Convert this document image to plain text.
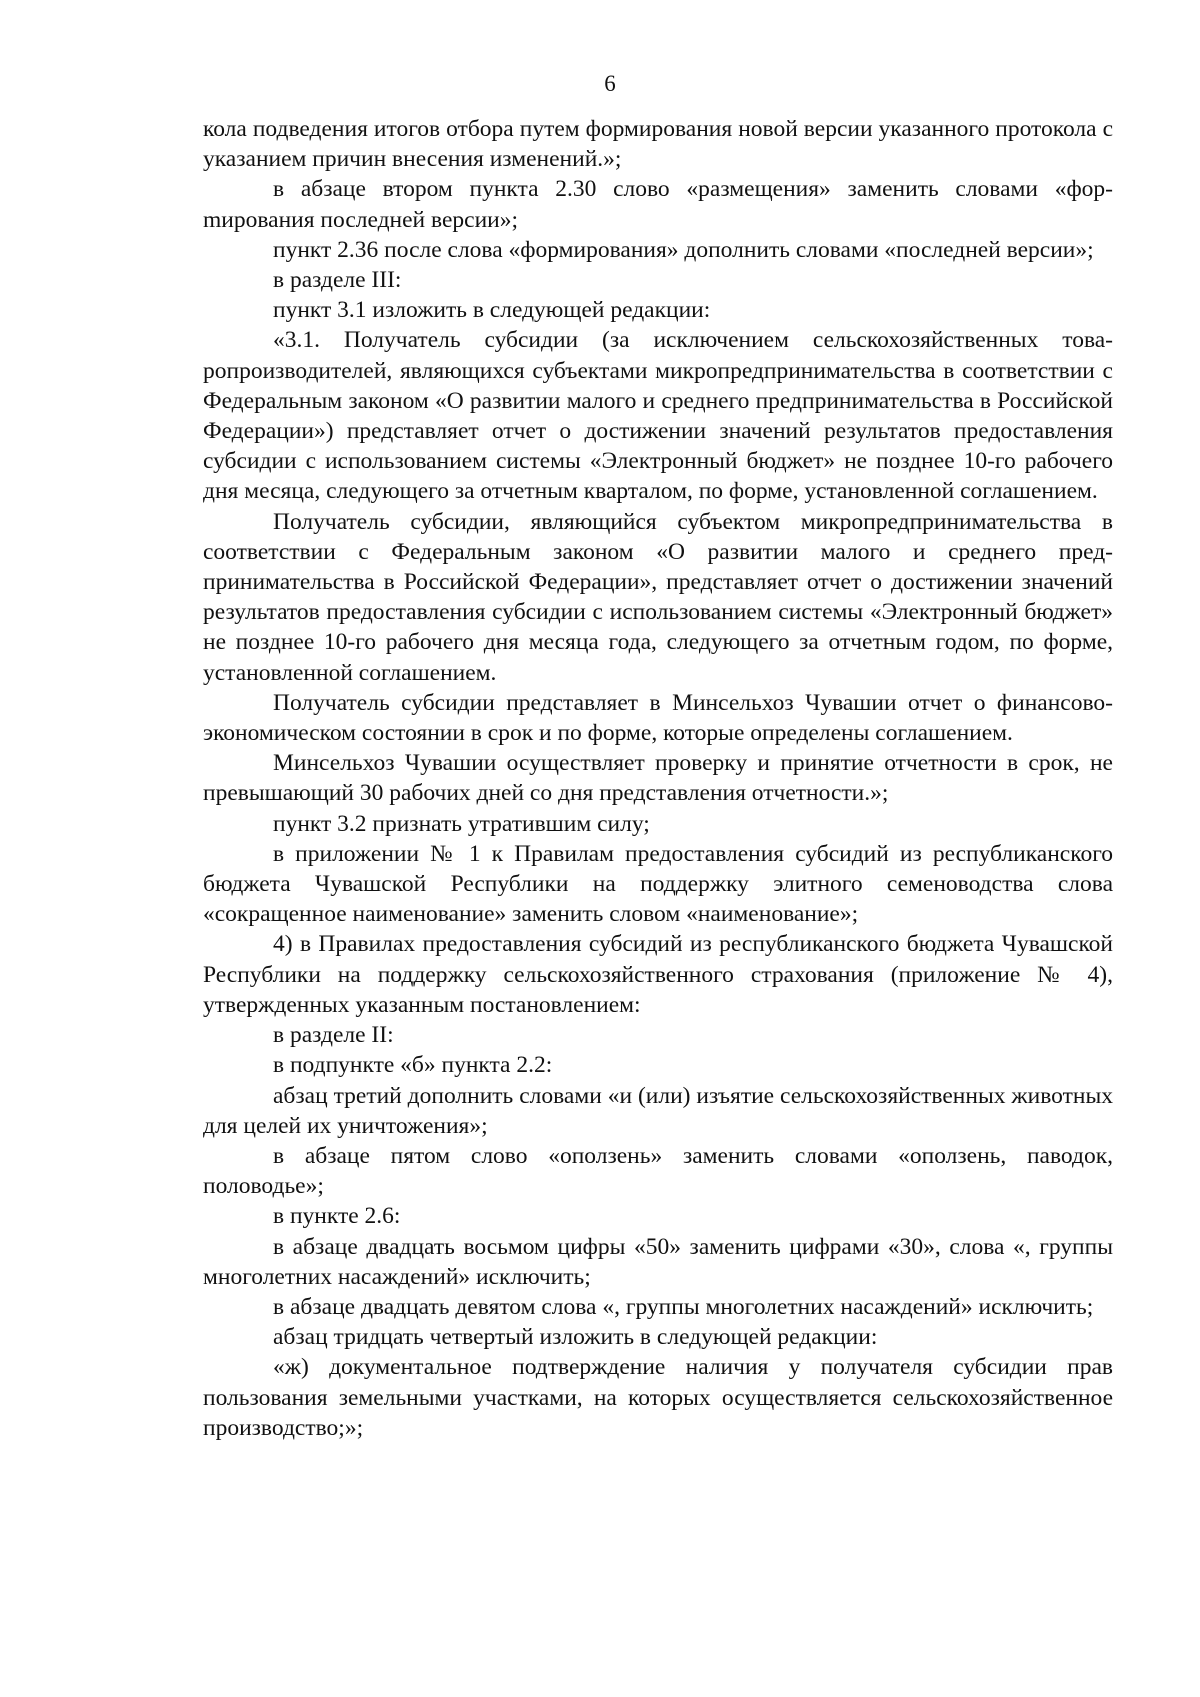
6

кола подведения итогов отбора путем формирования новой версии указанного протокола с указанием причин внесения изменений.»;

в абзаце втором пункта 2.30 слово «размещения» заменить словами «форmирования последней версии»;

пункт 2.36 после слова «формирования» дополнить словами «последней версии»;

в разделе III:

пункт 3.1 изложить в следующей редакции:

«3.1. Получатель субсидии (за исключением сельскохозяйственных товаропроизводителей, являющихся субъектами микропредпринимательства в соответствии с Федеральным законом «О развитии малого и среднего предпринимательства в Российской Федерации») представляет отчет о достижении значений результатов предоставления субсидии с использованием системы «Электронный бюджет» не позднее 10-го рабочего дня месяца, следующего за отчетным кварталом, по форме, установленной соглашением.

Получатель субсидии, являющийся субъектом микропредпринимательства в соответствии с Федеральным законом «О развитии малого и среднего предпринимательства в Российской Федерации», представляет отчет о достижении значений результатов предоставления субсидии с использованием системы «Электронный бюджет» не позднее 10-го рабочего дня месяца года, следующего за отчетным годом, по форме, установленной соглашением.

Получатель субсидии представляет в Минсельхоз Чувашии отчет о финансово-экономическом состоянии в срок и по форме, которые определены соглашением.

Минсельхоз Чувашии осуществляет проверку и принятие отчетности в срок, не превышающий 30 рабочих дней со дня представления отчетности.»;

пункт 3.2 признать утратившим силу;

в приложении № 1 к Правилам предоставления субсидий из республиканского бюджета Чувашской Республики на поддержку элитного семеноводства слова «сокращенное наименование» заменить словом «наименование»;

4) в Правилах предоставления субсидий из республиканского бюджета Чувашской Республики на поддержку сельскохозяйственного страхования (приложение № 4), утвержденных указанным постановлением:

в разделе II:

в подпункте «б» пункта 2.2:

абзац третий дополнить словами «и (или) изъятие сельскохозяйственных животных для целей их уничтожения»;

в абзаце пятом слово «оползень» заменить словами «оползень, паводок, половодье»;

в пункте 2.6:

в абзаце двадцать восьмом цифры «50» заменить цифрами «30», слова «, группы многолетних насаждений» исключить;

в абзаце двадцать девятом слова «, группы многолетних насаждений» исключить;

абзац тридцать четвертый изложить в следующей редакции:

«ж) документальное подтверждение наличия у получателя субсидии прав пользования земельными участками, на которых осуществляется сельскохозяйственное производство;»;
